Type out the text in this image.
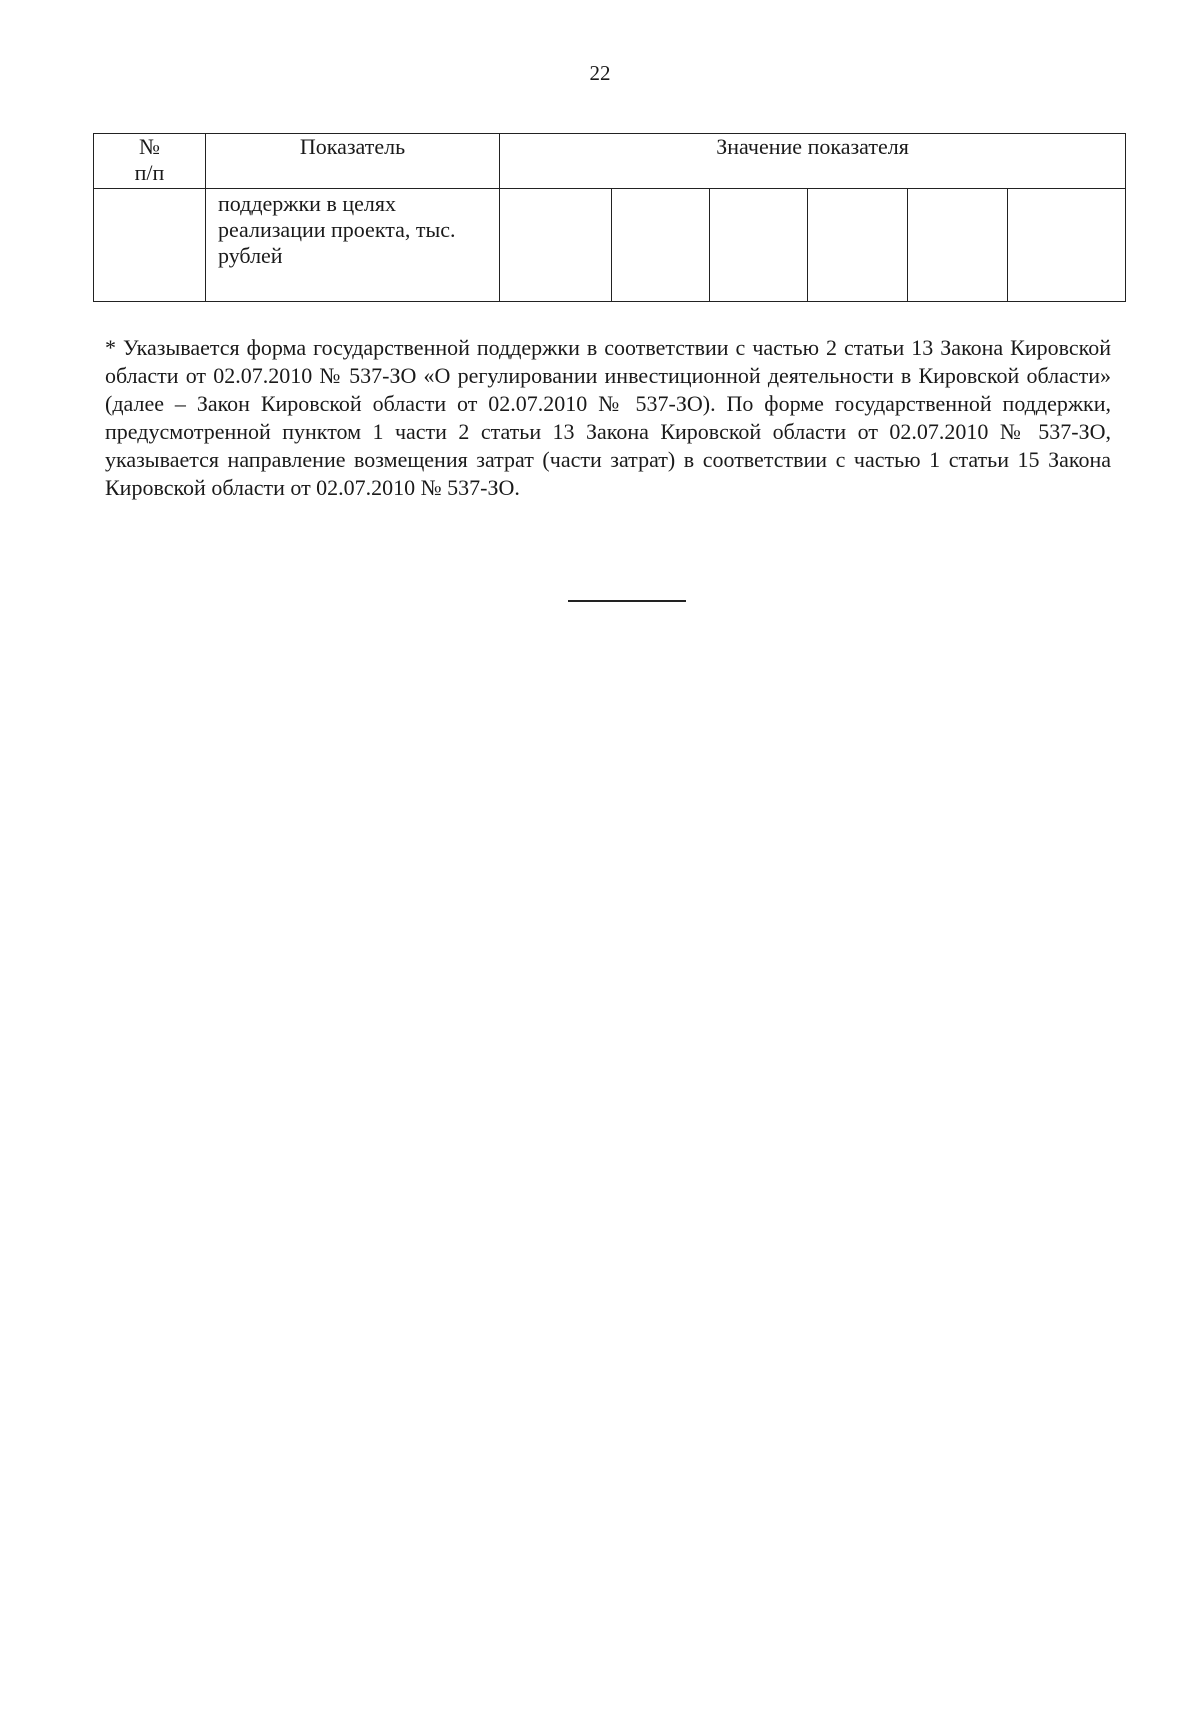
22
№
п/п	Показатель	Значение показателя					

	поддержки в целях
реализации проекта, тыс.
рублей						

* Указывается форма государственной поддержки в соответствии с частью 2 статьи 13 Закона Кировской области от 02.07.2010 № 537-ЗО «О регулировании инвестиционной деятельности в Кировской области» (далее – Закон Кировской области от 02.07.2010 № 537-ЗО). По форме государственной поддержки, предусмотренной пунктом 1 части 2 статьи 13 Закона Кировской области от 02.07.2010 № 537-ЗО, указывается направление возмещения затрат (части затрат) в соответствии с частью 1 статьи 15 Закона Кировской области от 02.07.2010 № 537-ЗО.
